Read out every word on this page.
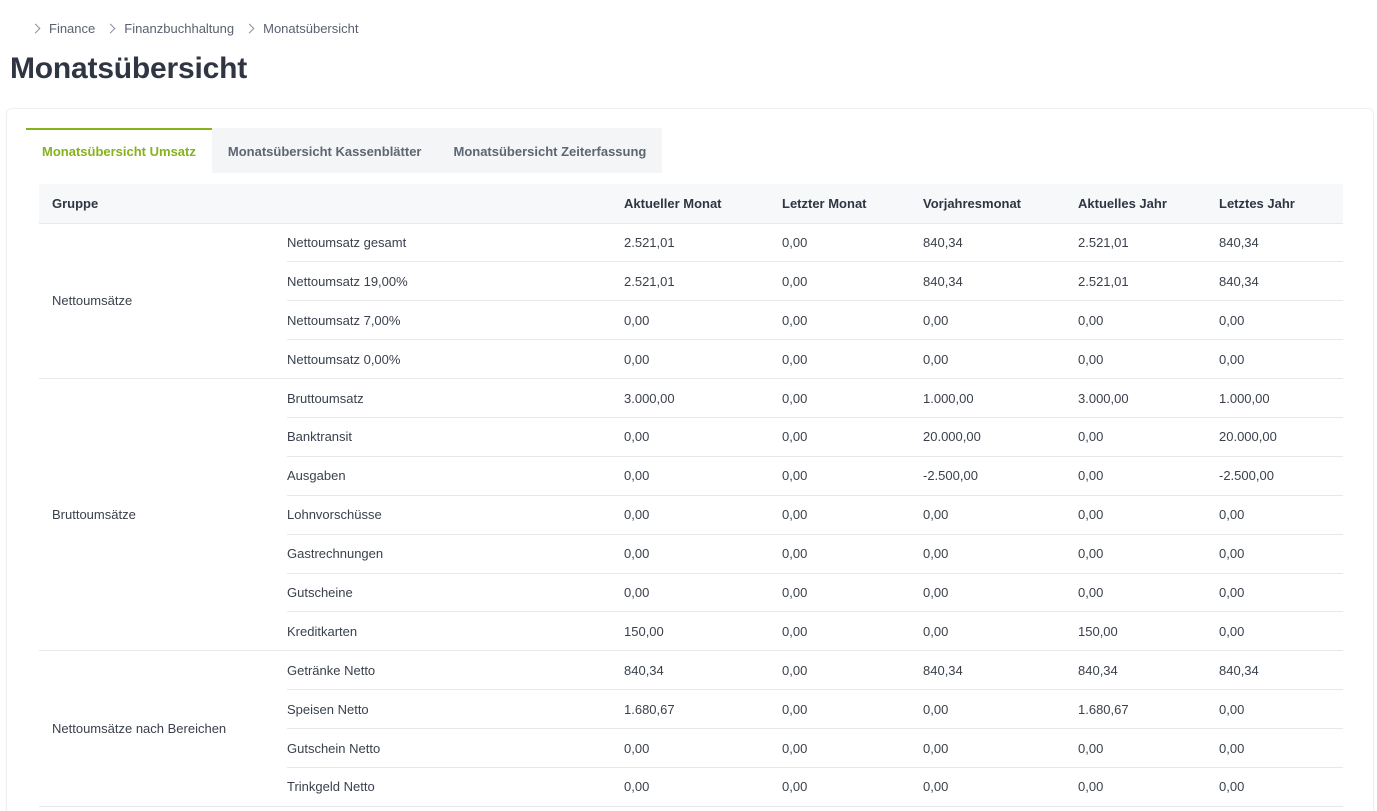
Finance Finanzbuchhaltung Monatsübersicht
Monatsübersicht
Monatsübersicht Umsatz	Monatsübersicht Kassenblätter	Monatsübersicht Zeiterfassung
Gruppe		Aktueller Monat	Letzter Monat	Vorjahresmonat	Aktuelles Jahr	Letztes Jahr
Nettoumsätze	Nettoumsatz gesamt	2.521,01	0,00	840,34	2.521,01	840,34
	Nettoumsatz 19,00%	2.521,01	0,00	840,34	2.521,01	840,34
	Nettoumsatz 7,00%	0,00	0,00	0,00	0,00	0,00
	Nettoumsatz 0,00%	0,00	0,00	0,00	0,00	0,00
Bruttoumsätze	Bruttoumsatz	3.000,00	0,00	1.000,00	3.000,00	1.000,00
	Banktransit	0,00	0,00	20.000,00	0,00	20.000,00
	Ausgaben	0,00	0,00	-2.500,00	0,00	-2.500,00
	Lohnvorschüsse	0,00	0,00	0,00	0,00	0,00
	Gastrechnungen	0,00	0,00	0,00	0,00	0,00
	Gutscheine	0,00	0,00	0,00	0,00	0,00
	Kreditkarten	150,00	0,00	0,00	150,00	0,00
Nettoumsätze nach Bereichen	Getränke Netto	840,34	0,00	840,34	840,34	840,34
	Speisen Netto	1.680,67	0,00	0,00	1.680,67	0,00
	Gutschein Netto	0,00	0,00	0,00	0,00	0,00
	Trinkgeld Netto	0,00	0,00	0,00	0,00	0,00
